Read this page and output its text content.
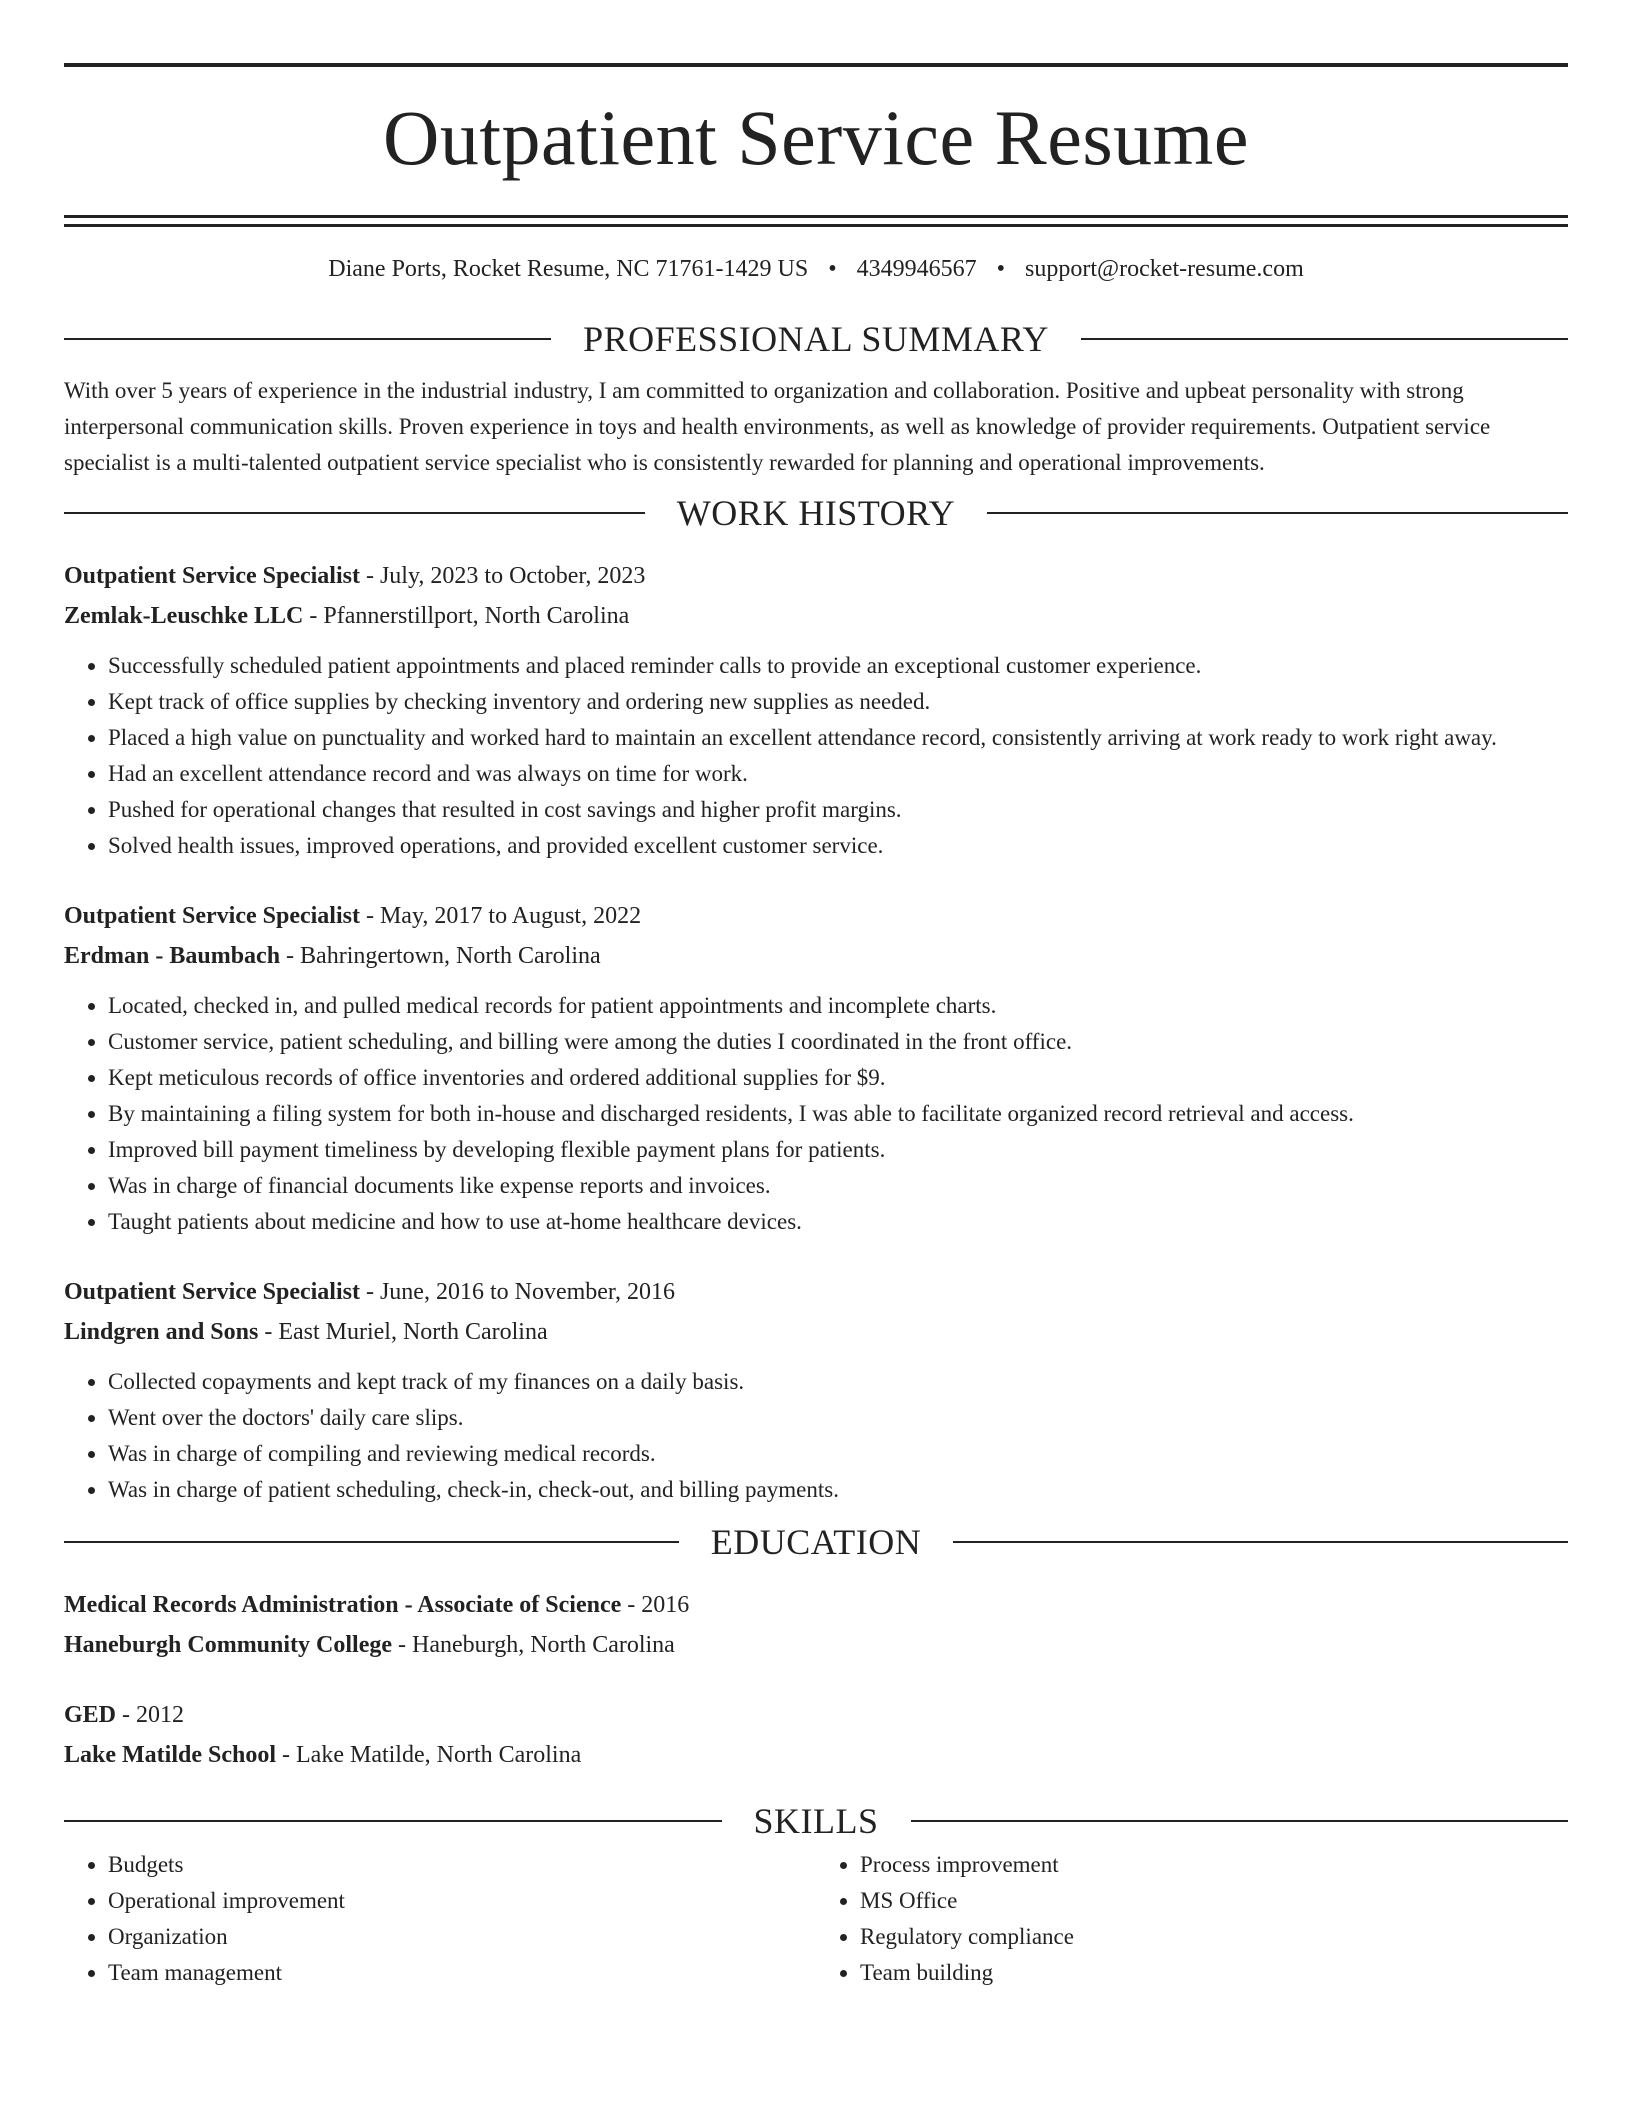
Outpatient Service Resume
Diane Ports, Rocket Resume, NC 71761-1429 US • 4349946567 • support@rocket-resume.com
PROFESSIONAL SUMMARY

With over 5 years of experience in the industrial industry, I am committed to organization and collaboration. Positive and upbeat personality with strong interpersonal communication skills. Proven experience in toys and health environments, as well as knowledge of provider requirements. Outpatient service specialist is a multi-talented outpatient service specialist who is consistently rewarded for planning and operational improvements.

WORK HISTORY
Outpatient Service Specialist - July, 2023 to October, 2023
Zemlak-Leuschke LLC - Pfannerstillport, North Carolina
• Successfully scheduled patient appointments and placed reminder calls to provide an exceptional customer experience.
• Kept track of office supplies by checking inventory and ordering new supplies as needed.
• Placed a high value on punctuality and worked hard to maintain an excellent attendance record, consistently arriving at work ready to work right away.
• Had an excellent attendance record and was always on time for work.
• Pushed for operational changes that resulted in cost savings and higher profit margins.
• Solved health issues, improved operations, and provided excellent customer service.
Outpatient Service Specialist - May, 2017 to August, 2022
Erdman - Baumbach - Bahringertown, North Carolina
• Located, checked in, and pulled medical records for patient appointments and incomplete charts.
• Customer service, patient scheduling, and billing were among the duties I coordinated in the front office.
• Kept meticulous records of office inventories and ordered additional supplies for $9.
• By maintaining a filing system for both in-house and discharged residents, I was able to facilitate organized record retrieval and access.
• Improved bill payment timeliness by developing flexible payment plans for patients.
• Was in charge of financial documents like expense reports and invoices.
• Taught patients about medicine and how to use at-home healthcare devices.
Outpatient Service Specialist - June, 2016 to November, 2016
Lindgren and Sons - East Muriel, North Carolina
• Collected copayments and kept track of my finances on a daily basis.
• Went over the doctors' daily care slips.
• Was in charge of compiling and reviewing medical records.
• Was in charge of patient scheduling, check-in, check-out, and billing payments.
EDUCATION
Medical Records Administration - Associate of Science - 2016
Haneburgh Community College - Haneburgh, North Carolina
GED - 2012
Lake Matilde School - Lake Matilde, North Carolina
SKILLS
• Budgets
• Operational improvement
• Organization
• Team management
• Process improvement
• MS Office
• Regulatory compliance
• Team building
